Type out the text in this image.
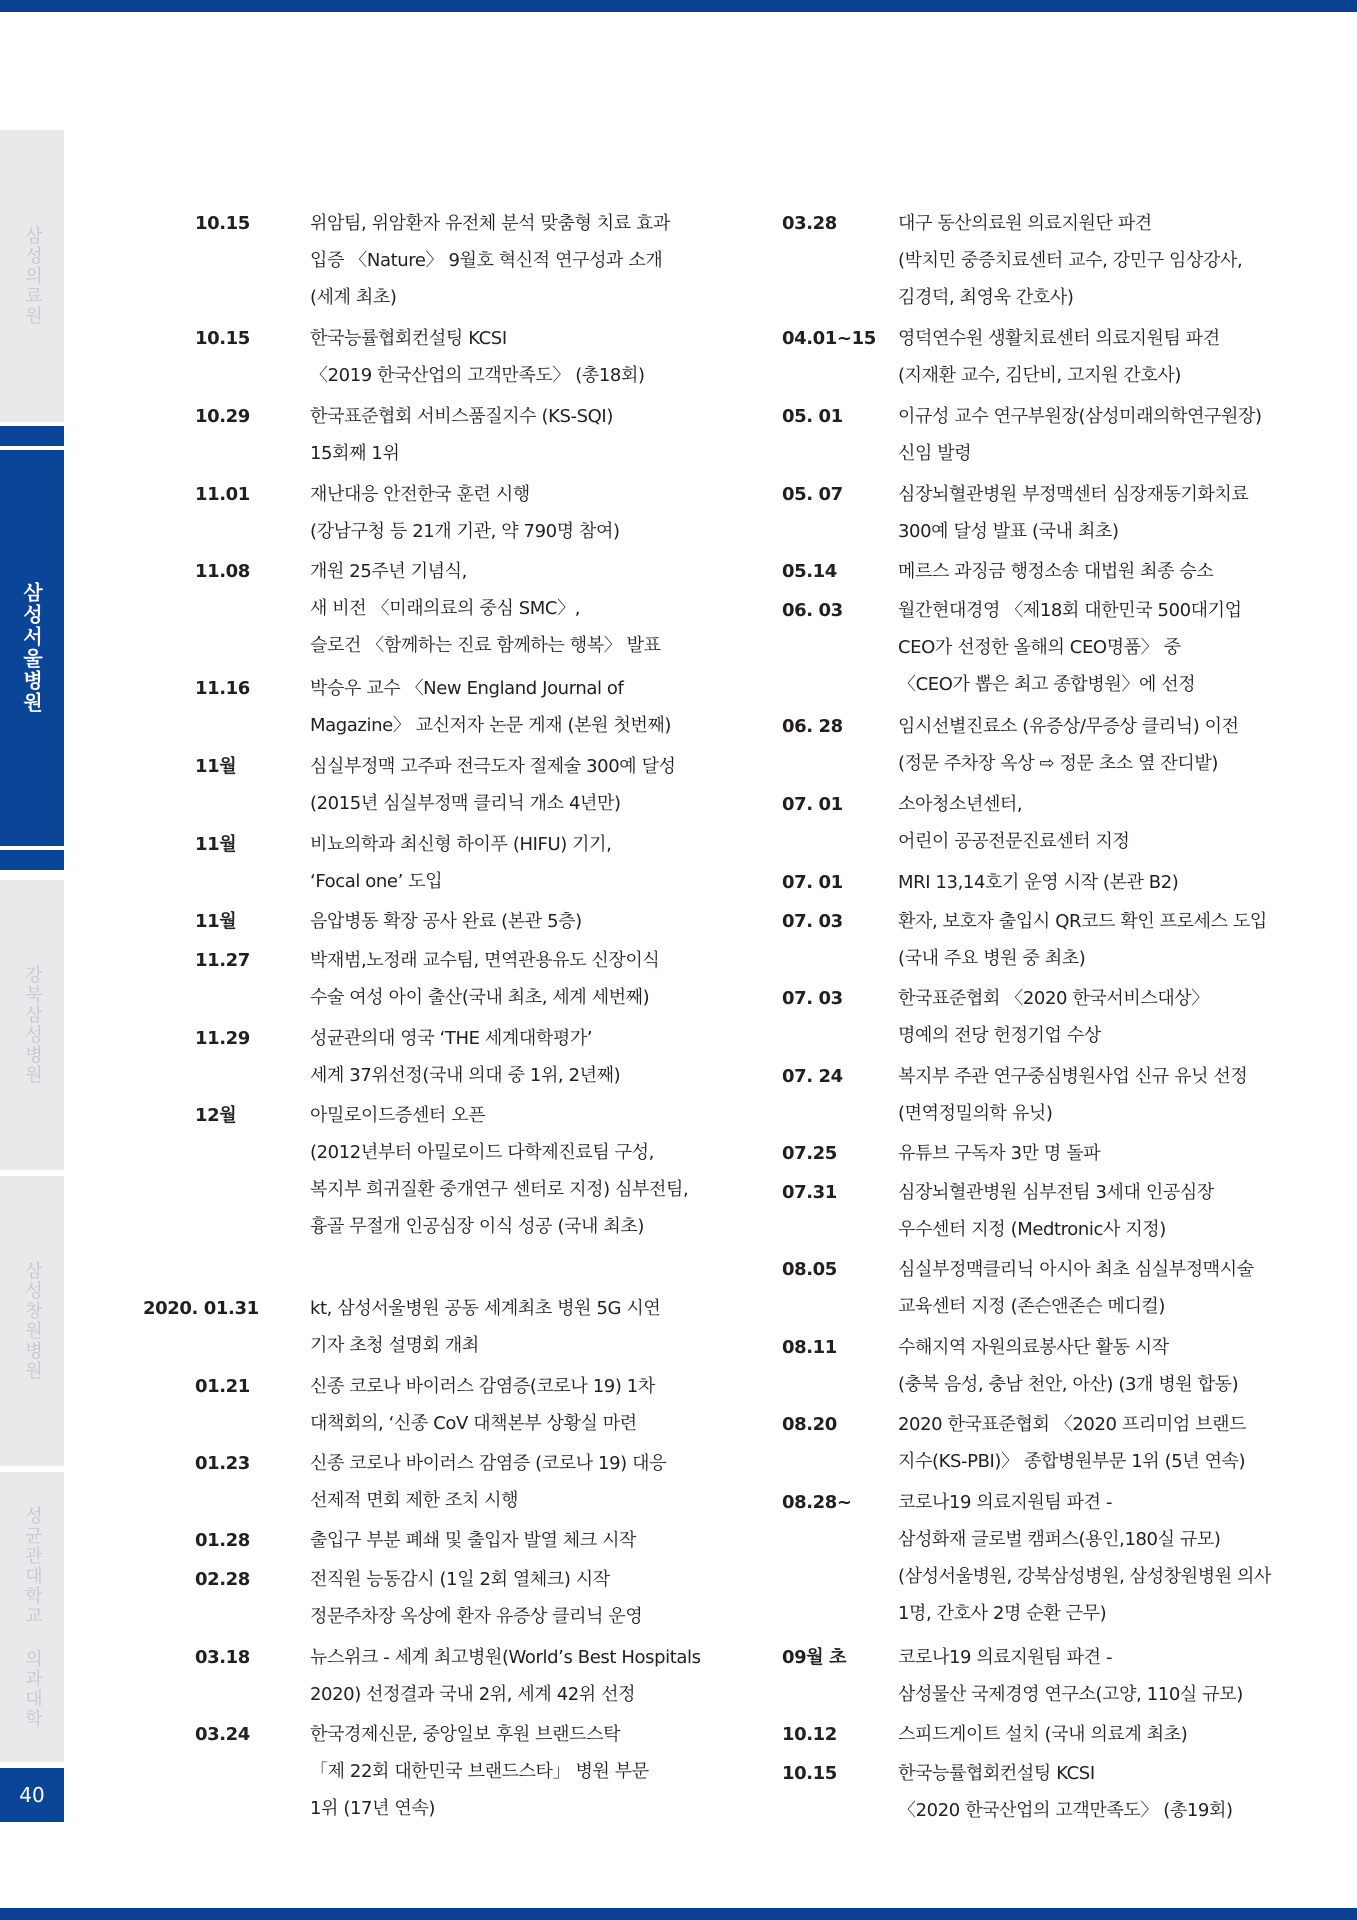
삼성의료원
삼성서울병원
강북삼성병원
삼성창원병원
성균관대학교 의과대학
40
10.15	위암팀, 위암환자 유전체 분석 맞춤형 치료 효과
입증 〈Nature〉 9월호 혁신적 연구성과 소개
(세계 최초)
10.15	한국능률협회컨설팅 KCSI
〈2019 한국산업의 고객만족도〉 (총18회)
10.29	한국표준협회 서비스품질지수 (KS-SQI)
15회째 1위
11.01	재난대응 안전한국 훈련 시행
(강남구청 등 21개 기관, 약 790명 참여)
11.08	개원 25주년 기념식,
새 비전 〈미래의료의 중심 SMC〉,
슬로건 〈함께하는 진료 함께하는 행복〉 발표
11.16	박승우 교수 〈New England Journal of
Magazine〉 교신저자 논문 게재 (본원 첫번째)
11월	심실부정맥 고주파 전극도자 절제술 300예 달성
(2015년 심실부정맥 클리닉 개소 4년만)
11월	비뇨의학과 최신형 하이푸 (HIFU) 기기,
‘Focal one’ 도입
11월	음압병동 확장 공사 완료 (본관 5층)
11.27	박재범,노정래 교수팀, 면역관용유도 신장이식
수술 여성 아이 출산(국내 최초, 세계 세번째)
11.29	성균관의대 영국 ‘THE 세계대학평가’
세계 37위선정(국내 의대 중 1위, 2년째)
12월	아밀로이드증센터 오픈
(2012년부터 아밀로이드 다학제진료팀 구성,
복지부 희귀질환 중개연구 센터로 지정) 심부전팀,
흉골 무절개 인공심장 이식 성공 (국내 최초)
2020. 01.31	kt, 삼성서울병원 공동 세계최초 병원 5G 시연
기자 초청 설명회 개최
01.21	신종 코로나 바이러스 감염증(코로나 19) 1차
대책회의, ‘신종 CoV 대책본부 상황실 마련
01.23	신종 코로나 바이러스 감염증 (코로나 19) 대응
선제적 면회 제한 조치 시행
01.28	출입구 부분 폐쇄 및 출입자 발열 체크 시작
02.28	전직원 능동감시 (1일 2회 열체크) 시작
정문주차장 옥상에 환자 유증상 클리닉 운영
03.18	뉴스위크 - 세계 최고병원(World’s Best Hospitals
2020) 선정결과 국내 2위, 세계 42위 선정
03.24	한국경제신문, 중앙일보 후원 브랜드스탁
「제 22회 대한민국 브랜드스타」 병원 부문
1위 (17년 연속)
03.28	대구 동산의료원 의료지원단 파견
(박치민 중증치료센터 교수, 강민구 임상강사,
김경덕, 최영욱 간호사)
04.01~15 영덕연수원 생활치료센터 의료지원팀 파견
(지재환 교수, 김단비, 고지원 간호사)
05. 01	이규성 교수 연구부원장(삼성미래의학연구원장)
신임 발령
05. 07	심장뇌혈관병원 부정맥센터 심장재동기화치료
300예 달성 발표 (국내 최초)
05.14	메르스 과징금 행정소송 대법원 최종 승소
06. 03	월간현대경영 〈제18회 대한민국 500대기업
CEO가 선정한 올해의 CEO명품〉 중
〈CEO가 뽑은 최고 종합병원〉에 선정
06. 28	임시선별진료소 (유증상/무증상 클리닉) 이전
(정문 주차장 옥상 ⇨ 정문 초소 옆 잔디밭)
07. 01	소아청소년센터,
어린이 공공전문진료센터 지정
07. 01	MRI 13,14호기 운영 시작 (본관 B2)
07. 03	환자, 보호자 출입시 QR코드 확인 프로세스 도입
(국내 주요 병원 중 최초)
07. 03	한국표준협회 〈2020 한국서비스대상〉
명예의 전당 헌정기업 수상
07. 24	복지부 주관 연구중심병원사업 신규 유닛 선정
(면역정밀의학 유닛)
07.25	유튜브 구독자 3만 명 돌파
07.31	심장뇌혈관병원 심부전팀 3세대 인공심장
우수센터 지정 (Medtronic사 지정)
08.05	심실부정맥클리닉 아시아 최초 심실부정맥시술
교육센터 지정 (존슨앤존슨 메디컬)
08.11	수해지역 자원의료봉사단 활동 시작
(충북 음성, 충남 천안, 아산) (3개 병원 합동)
08.20	2020 한국표준협회 〈2020 프리미엄 브랜드
지수(KS-PBI)〉 종합병원부문 1위 (5년 연속)
08.28~	코로나19 의료지원팀 파견 -
삼성화재 글로벌 캠퍼스(용인,180실 규모)
(삼성서울병원, 강북삼성병원, 삼성창원병원 의사
1명, 간호사 2명 순환 근무)
09월 초	코로나19 의료지원팀 파견 -
삼성물산 국제경영 연구소(고양, 110실 규모)
10.12	스피드게이트 설치 (국내 의료계 최초)
10.15	한국능률협회컨설팅 KCSI
〈2020 한국산업의 고객만족도〉 (총19회)
